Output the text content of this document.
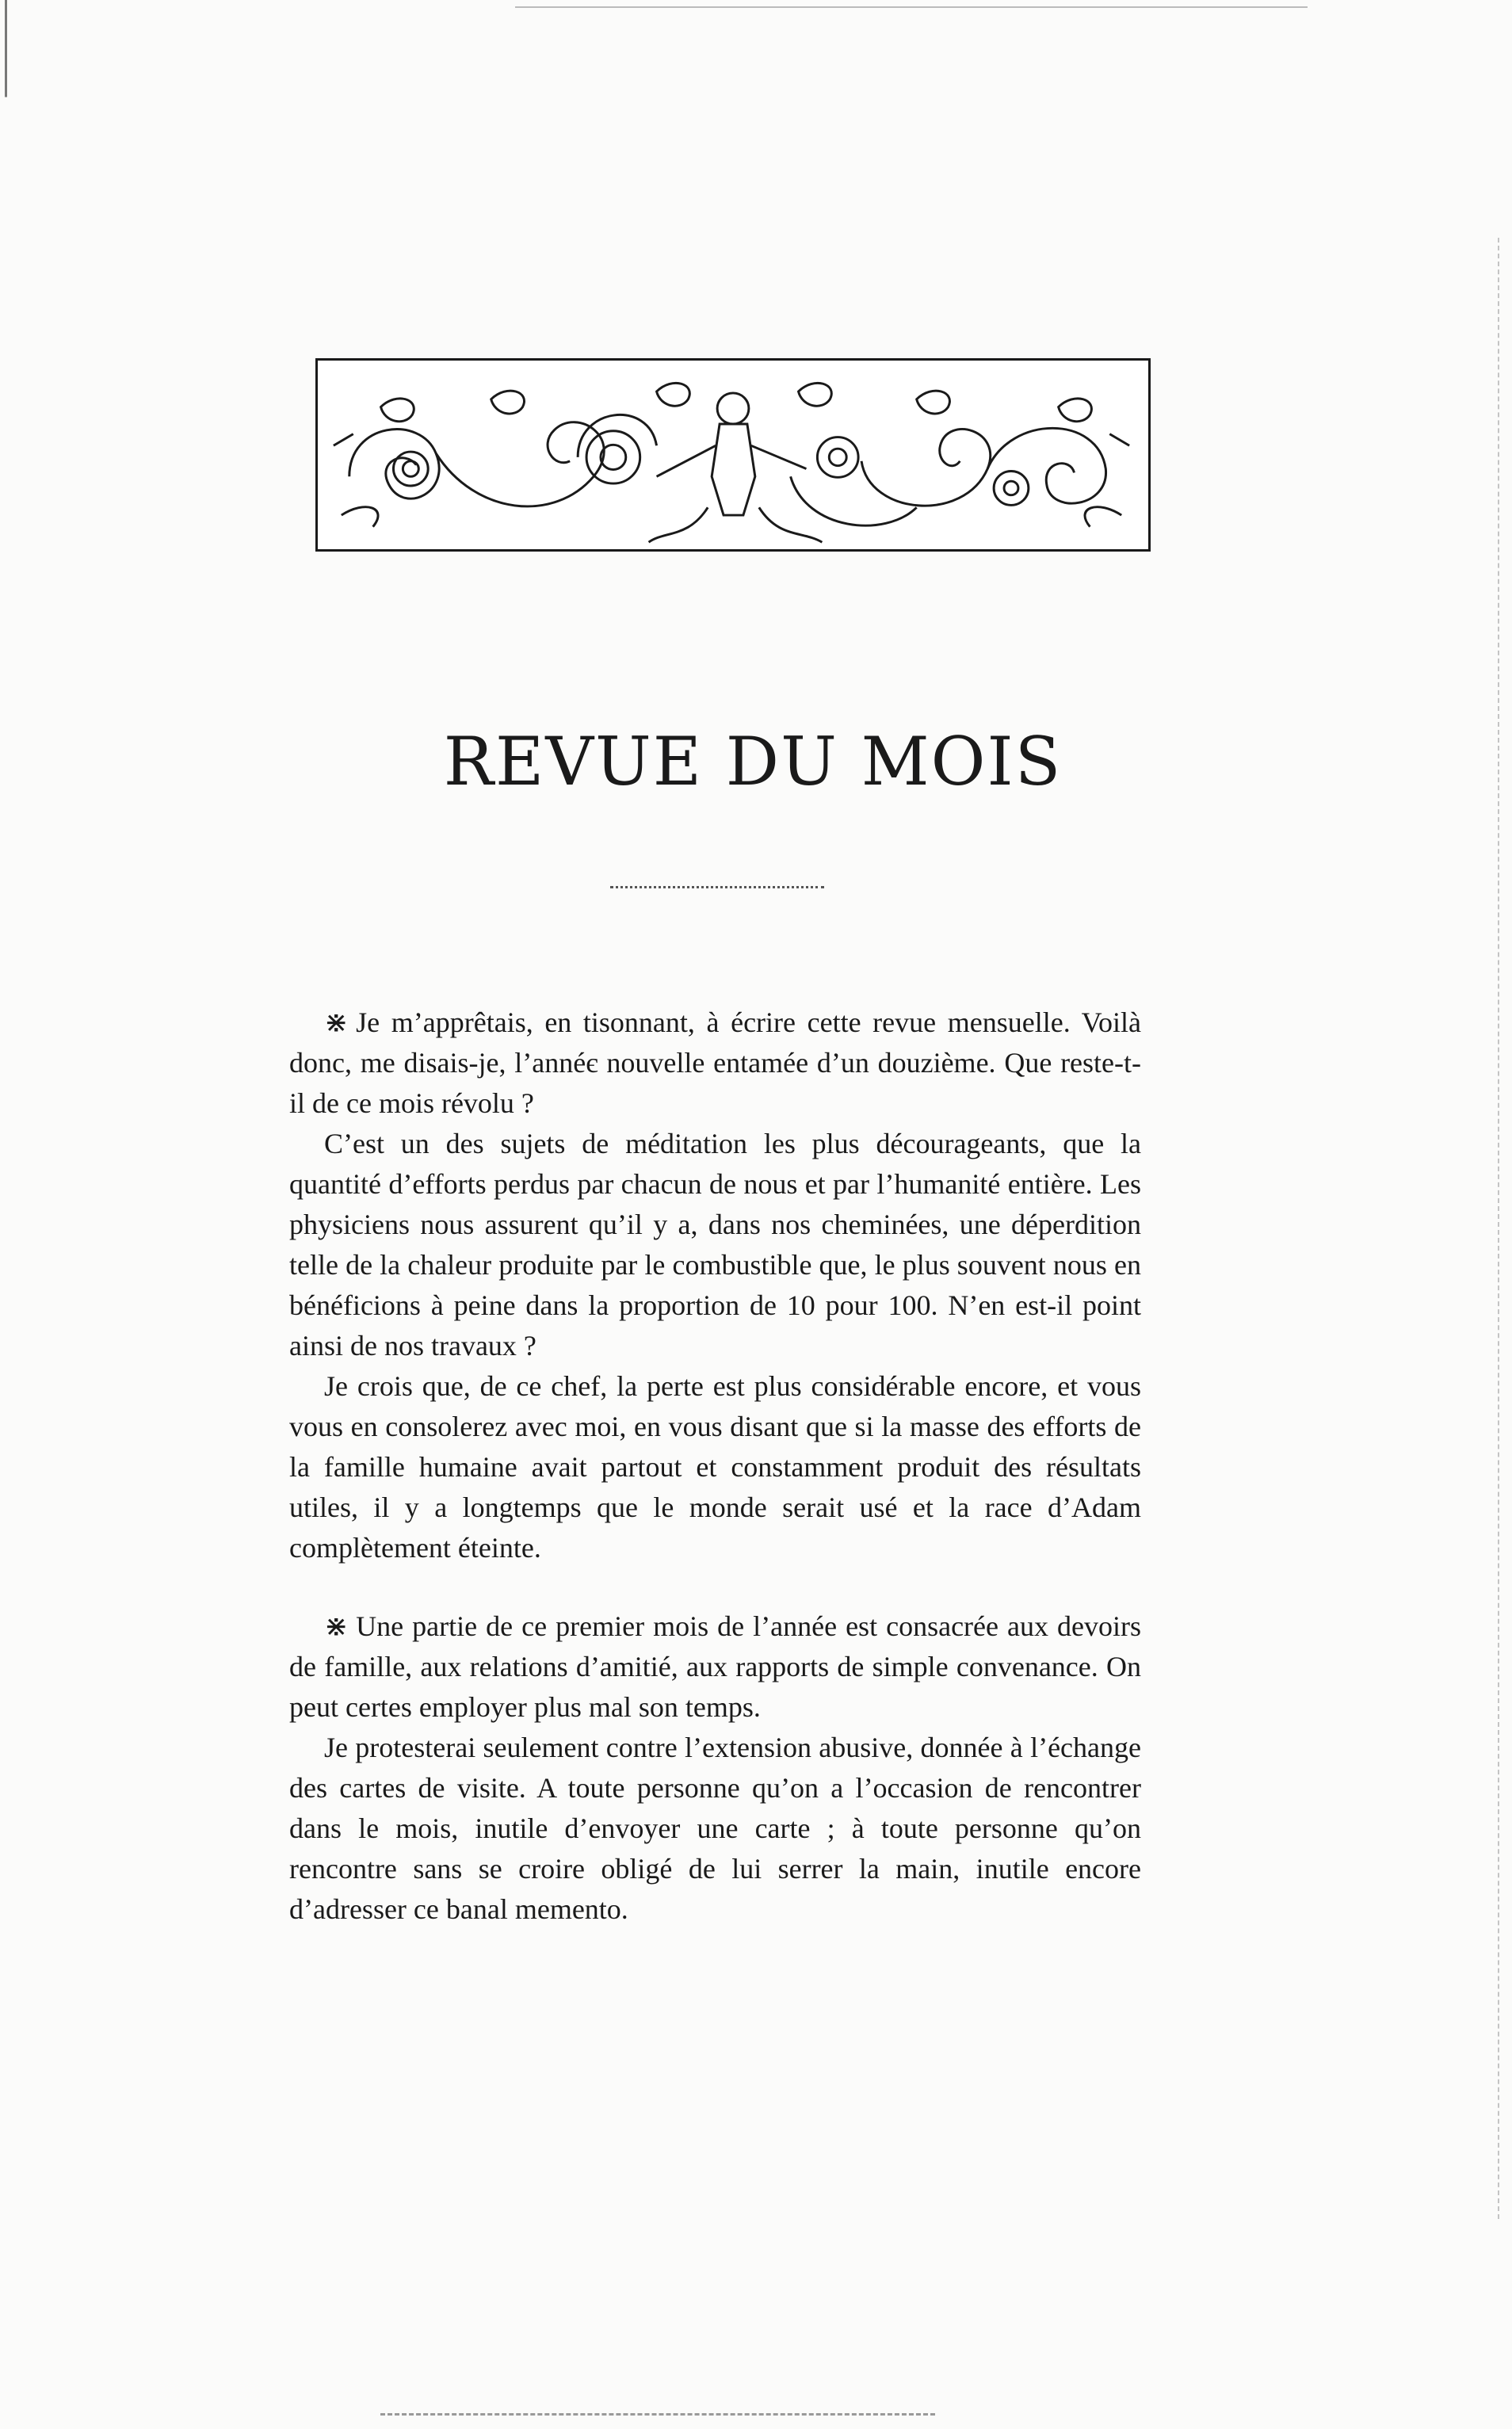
REVUE DU MOIS

⋇ Je m’apprêtais, en tisonnant, à écrire cette revue mensuelle. Voilà donc, me disais-je, l’annéє nouvelle entamée d’un douzième. Que reste-t-il de ce mois révolu ?

C’est un des sujets de méditation les plus décourageants, que la quantité d’efforts perdus par chacun de nous et par l’humanité entière. Les physiciens nous assurent qu’il y a, dans nos cheminées, une déperdition telle de la chaleur produite par le combustible que, le plus souvent nous en bénéficions à peine dans la proportion de 10 pour 100. N’en est-il point ainsi de nos travaux ?

Je crois que, de ce chef, la perte est plus considérable encore, et vous vous en consolerez avec moi, en vous disant que si la masse des efforts de la famille humaine avait partout et constamment produit des résultats utiles, il y a longtemps que le monde serait usé et la race d’Adam complètement éteinte.

⋇ Une partie de ce premier mois de l’année est consacrée aux devoirs de famille, aux relations d’amitié, aux rapports de simple convenance. On peut certes employer plus mal son temps.

Je protesterai seulement contre l’extension abusive, donnée à l’échange des cartes de visite. A toute personne qu’on a l’occasion de rencontrer dans le mois, inutile d’envoyer une carte ; à toute personne qu’on rencontre sans se croire obligé de lui serrer la main, inutile encore d’adresser ce banal memento.
